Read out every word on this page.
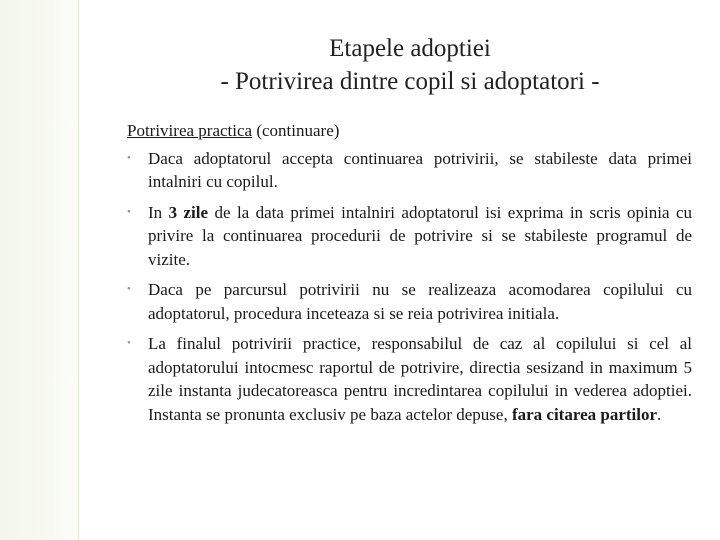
Etapele adoptiei
- Potrivirea dintre copil si adoptatori -
Potrivirea practica (continuare)
• Daca adoptatorul accepta continuarea potrivirii, se stabileste data primei intalniri cu copilul.
• In 3 zile de la data primei intalniri adoptatorul isi exprima in scris opinia cu privire la continuarea procedurii de potrivire si se stabileste programul de vizite.
• Daca pe parcursul potrivirii nu se realizeaza acomodarea copilului cu adoptatorul, procedura inceteaza si se reia potrivirea initiala.
• La finalul potrivirii practice, responsabilul de caz al copilului si cel al adoptatorului intocmesc raportul de potrivire, directia sesizand in maximum 5 zile instanta judecatoreasca pentru incredintarea copilului in vederea adoptiei. Instanta se pronunta exclusiv pe baza actelor depuse, fara citarea partilor.
